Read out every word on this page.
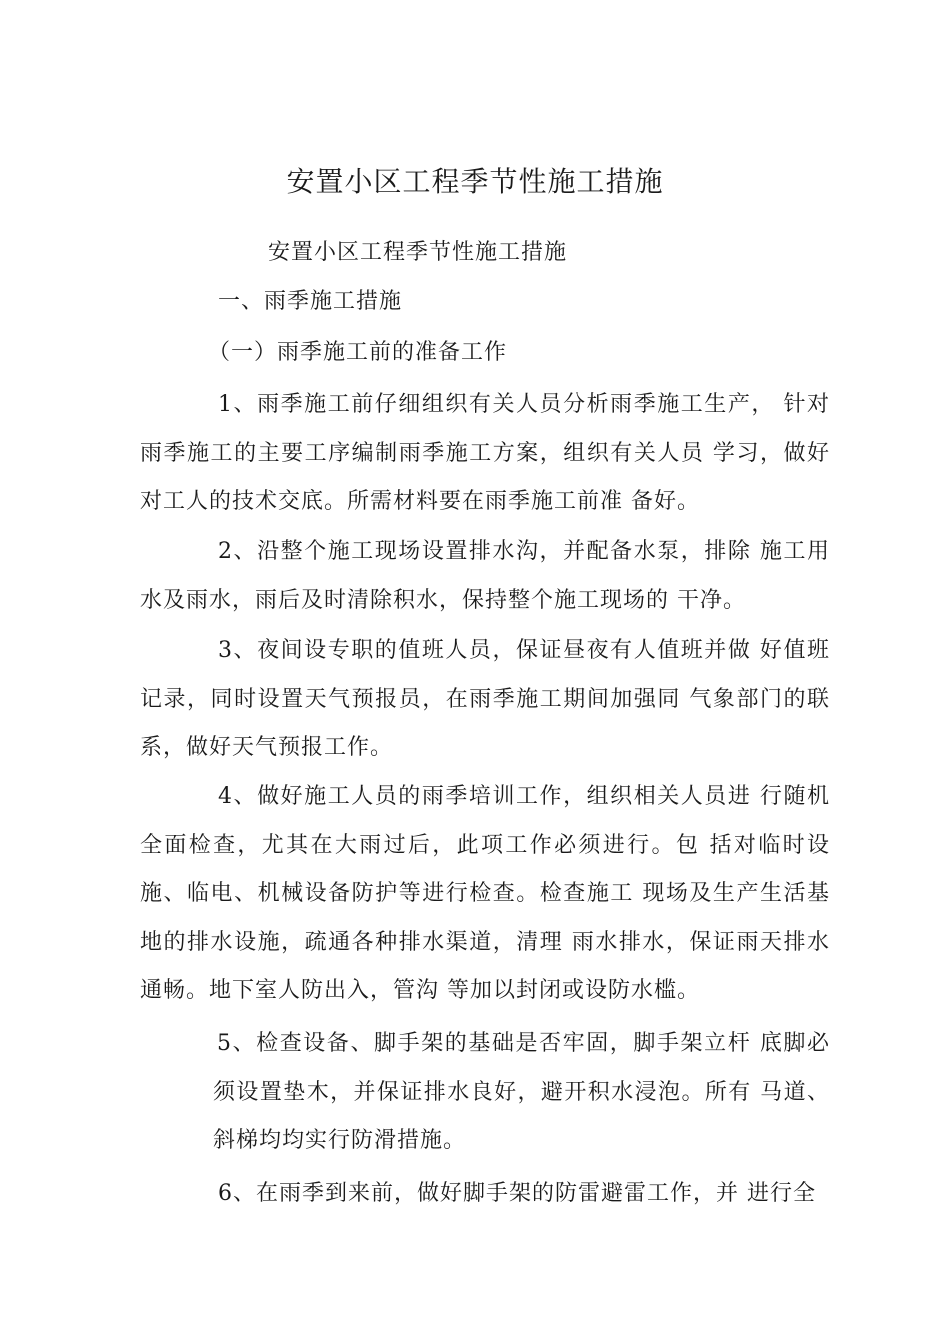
安置小区工程季节性施工措施
安置小区工程季节性施工措施
一、雨季施工措施
（一）雨季施工前的准备工作
1、雨季施工前仔细组织有关人员分析雨季施工生产， 针对雨季施工的主要工序编制雨季施工方案，组织有关人员 学习，做好对工人的技术交底。所需材料要在雨季施工前准 备好。
2、沿整个施工现场设置排水沟，并配备水泵，排除 施工用水及雨水，雨后及时清除积水，保持整个施工现场的 干净。
3、夜间设专职的值班人员，保证昼夜有人值班并做 好值班记录，同时设置天气预报员，在雨季施工期间加强同 气象部门的联系，做好天气预报工作。
4、做好施工人员的雨季培训工作，组织相关人员进 行随机全面检查，尤其在大雨过后，此项工作必须进行。包 括对临时设施、临电、机械设备防护等进行检查。检查施工 现场及生产生活基地的排水设施，疏通各种排水渠道，清理 雨水排水，保证雨天排水通畅。地下室人防出入，管沟 等加以封闭或设防水槛。
5、检查设备、脚手架的基础是否牢固，脚手架立杆 底脚必须设置垫木，并保证排水良好，避开积水浸泡。所有 马道、斜梯均均实行防滑措施。
6、在雨季到来前，做好脚手架的防雷避雷工作，并 进行全
